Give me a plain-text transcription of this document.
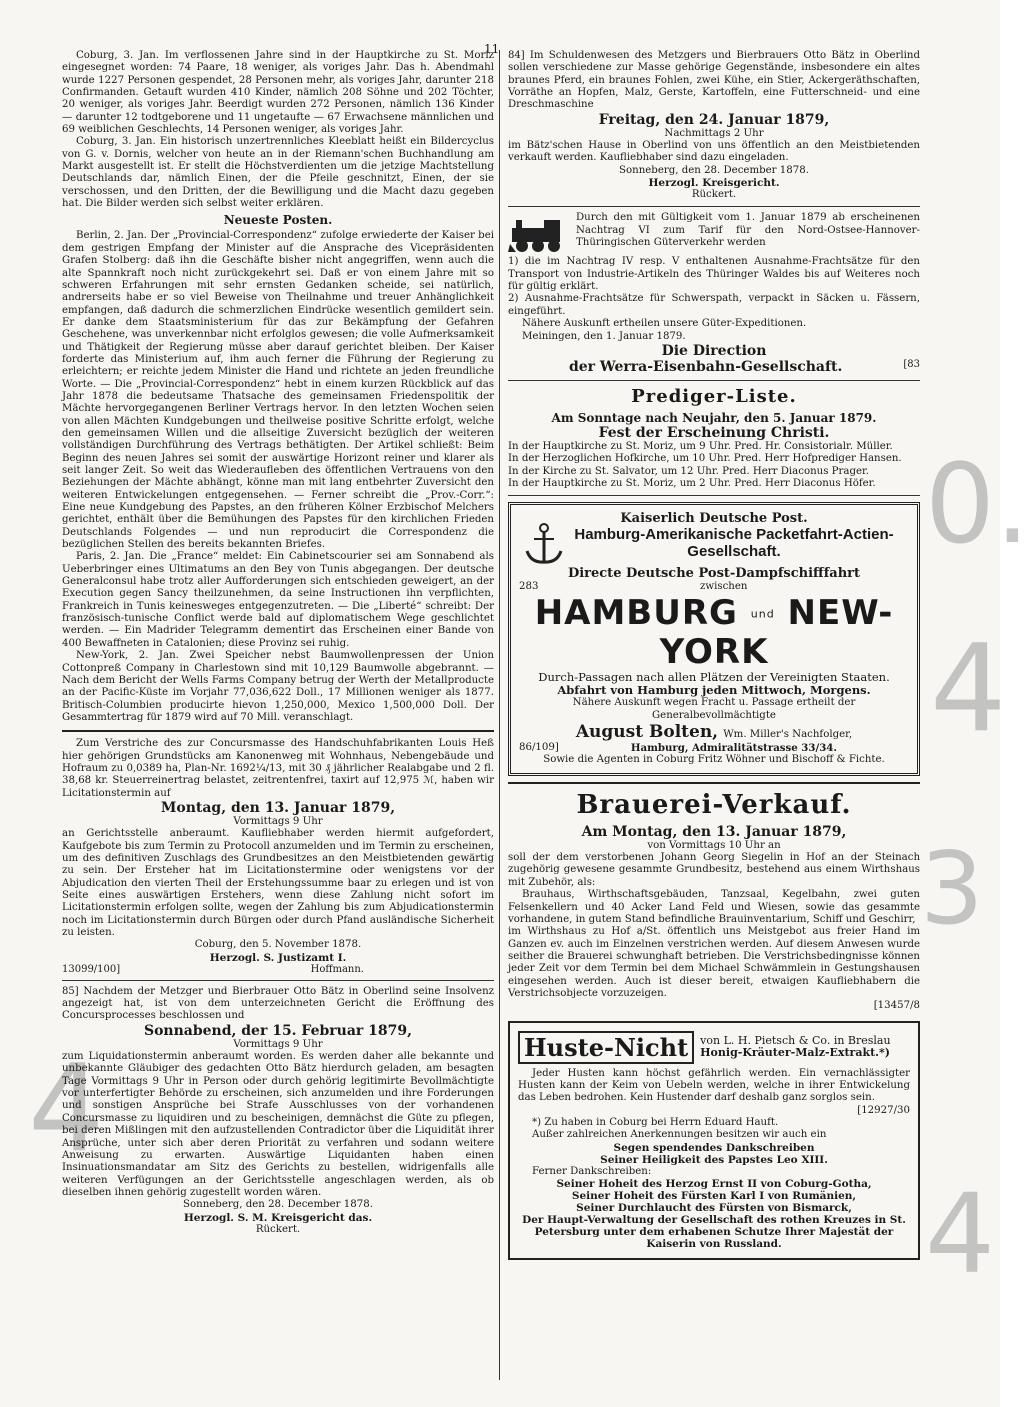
11
4
0.
4
3
4

Coburg, 3. Jan. Im verflossenen Jahre sind in der Hauptkirche zu St. Moriz eingesegnet worden: 74 Paare, 18 weniger, als voriges Jahr. Das h. Abendmahl wurde 1227 Personen gespendet, 28 Personen mehr, als voriges Jahr, darunter 218 Confirmanden. Getauft wurden 410 Kinder, nämlich 208 Söhne und 202 Töchter, 20 weniger, als voriges Jahr. Beerdigt wurden 272 Personen, nämlich 136 Kinder — darunter 12 todtgeborene und 11 ungetaufte — 67 Erwachsene männlichen und 69 weiblichen Geschlechts, 14 Personen weniger, als voriges Jahr.

Coburg, 3. Jan. Ein historisch unzertrennliches Kleeblatt heißt ein Bildercyclus von G. v. Dornis, welcher von heute an in der Riemann'schen Buchhandlung am Markt ausgestellt ist. Er stellt die Höchstverdienten um die jetzige Machtstellung Deutschlands dar, nämlich Einen, der die Pfeile geschnitzt, Einen, der sie verschossen, und den Dritten, der die Bewilligung und die Macht dazu gegeben hat. Die Bilder werden sich selbst weiter erklären.

Neueste Posten.

Berlin, 2. Jan. Der „Provincial-Correspondenz“ zufolge erwiederte der Kaiser bei dem gestrigen Empfang der Minister auf die Ansprache des Vicepräsidenten Grafen Stolberg: daß ihn die Geschäfte bisher nicht angegriffen, wenn auch die alte Spannkraft noch nicht zurückgekehrt sei. Daß er von einem Jahre mit so schweren Erfahrungen mit sehr ernsten Gedanken scheide, sei natürlich, andrerseits habe er so viel Beweise von Theilnahme und treuer Anhänglichkeit empfangen, daß dadurch die schmerzlichen Eindrücke wesentlich gemildert sein. Er danke dem Staatsministerium für das zur Bekämpfung der Gefahren Geschehene, was unverkennbar nicht erfolglos gewesen; die volle Aufmerksamkeit und Thätigkeit der Regierung müsse aber darauf gerichtet bleiben. Der Kaiser forderte das Ministerium auf, ihm auch ferner die Führung der Regierung zu erleichtern; er reichte jedem Minister die Hand und richtete an jeden freundliche Worte. — Die „Provincial-Correspondenz“ hebt in einem kurzen Rückblick auf das Jahr 1878 die bedeutsame Thatsache des gemeinsamen Friedenspolitik der Mächte hervorgegangenen Berliner Vertrags hervor. In den letzten Wochen seien von allen Mächten Kundgebungen und theilweise positive Schritte erfolgt, welche den gemeinsamen Willen und die allseitige Zuversicht bezüglich der weiteren vollständigen Durchführung des Vertrags bethätigten. Der Artikel schließt: Beim Beginn des neuen Jahres sei somit der auswärtige Horizont reiner und klarer als seit langer Zeit. So weit das Wiederaufleben des öffentlichen Vertrauens von den Beziehungen der Mächte abhängt, könne man mit lang entbehrter Zuversicht den weiteren Entwickelungen entgegensehen. — Ferner schreibt die „Prov.-Corr.“: Eine neue Kundgebung des Papstes, an den früheren Kölner Erzbischof Melchers gerichtet, enthält über die Bemühungen des Papstes für den kirchlichen Frieden Deutschlands Folgendes — und nun reproducirt die Correspondenz die bezüglichen Stellen des bereits bekannten Briefes.

Paris, 2. Jan. Die „France“ meldet: Ein Cabinetscourier sei am Sonnabend als Ueberbringer eines Ultimatums an den Bey von Tunis abgegangen. Der deutsche Generalconsul habe trotz aller Aufforderungen sich entschieden geweigert, an der Execution gegen Sancy theilzunehmen, da seine Instructionen ihn verpflichten, Frankreich in Tunis keinesweges entgegenzutreten. — Die „Liberté“ schreibt: Der französisch-tunische Conflict werde bald auf diplomatischem Wege geschlichtet werden. — Ein Madrider Telegramm dementirt das Erscheinen einer Bande von 400 Bewaffneten in Catalonien; diese Provinz sei ruhig.

New-York, 2. Jan. Zwei Speicher nebst Baumwollenpressen der Union Cottonpreß Company in Charlestown sind mit 10,129 Baumwolle abgebrannt. — Nach dem Bericht der Wells Farms Company betrug der Werth der Metallproducte an der Pacific-Küste im Vorjahr 77,036,622 Doll., 17 Millionen weniger als 1877. Britisch-Columbien producirte hievon 1,250,000, Mexico 1,500,000 Doll. Der Gesammtertrag für 1879 wird auf 70 Mill. veranschlagt.

Zum Verstriche des zur Concursmasse des Handschuhfabrikanten Louis Heß hier gehörigen Grundstücks am Kanonenweg mit Wohnhaus, Nebengebäude und Hofraum zu 0,0389 ha, Plan-Nr. 1692¼/13, mit 30 ₰ jährlicher Realabgabe und 2 fl. 38,68 kr. Steuerreinertrag belastet, zeitrentenfrei, taxirt auf 12,975 ℳ, haben wir Licitationstermin auf

Montag, den 13. Januar 1879,

Vormittags 9 Uhr

an Gerichtsstelle anberaumt. Kaufliebhaber werden hiermit aufgefordert, Kaufgebote bis zum Termin zu Protocoll anzumelden und im Termin zu erscheinen, um des definitiven Zuschlags des Grundbesitzes an den Meistbietenden gewärtig zu sein. Der Ersteher hat im Licitationstermine oder wenigstens vor der Abjudication den vierten Theil der Erstehungssumme baar zu erlegen und ist von Seite eines auswärtigen Erstehers, wenn diese Zahlung nicht sofort im Licitationstermin erfolgen sollte, wegen der Zahlung bis zum Abjudicationstermin noch im Licitationstermin durch Bürgen oder durch Pfand ausländische Sicherheit zu leisten.

Coburg, den 5. November 1878.

Herzogl. S. Justizamt I.

13099/100]	Hoffmann.

85] Nachdem der Metzger und Bierbrauer Otto Bätz in Oberlind seine Insolvenz angezeigt hat, ist von dem unterzeichneten Gericht die Eröffnung des Concursprocesses beschlossen und

Sonnabend, der 15. Februar 1879,

Vormittags 9 Uhr

zum Liquidationstermin anberaumt worden. Es werden daher alle bekannte und unbekannte Gläubiger des gedachten Otto Bätz hierdurch geladen, am besagten Tage Vormittags 9 Uhr in Person oder durch gehörig legitimirte Bevollmächtigte vor unterfertigter Behörde zu erscheinen, sich anzumelden und ihre Forderungen und sonstigen Ansprüche bei Strafe Ausschlusses von der vorhandenen Concursmasse zu liquidiren und zu bescheinigen, demnächst die Güte zu pflegen, bei deren Mißlingen mit den aufzustellenden Contradictor über die Liquidität ihrer Ansprüche, unter sich aber deren Priorität zu verfahren und sodann weitere Anweisung zu erwarten. Auswärtige Liquidanten haben einen Insinuationsmandatar am Sitz des Gerichts zu bestellen, widrigenfalls alle weiteren Verfügungen an der Gerichtsstelle angeschlagen werden, als ob dieselben ihnen gehörig zugestellt worden wären.

Sonneberg, den 28. December 1878.

Herzogl. S. M. Kreisgericht das.

Rückert.

84] Im Schuldenwesen des Metzgers und Bierbrauers Otto Bätz in Oberlind sollen verschiedene zur Masse gehörige Gegenstände, insbesondere ein altes braunes Pferd, ein braunes Fohlen, zwei Kühe, ein Stier, Ackergeräthschaften, Vorräthe an Hopfen, Malz, Gerste, Kartoffeln, eine Futterschneid- und eine Dreschmaschine

Freitag, den 24. Januar 1879,

Nachmittags 2 Uhr

im Bätz'schen Hause in Oberlind von uns öffentlich an den Meistbietenden verkauft werden. Kaufliebhaber sind dazu eingeladen.

Sonneberg, den 28. December 1878.

Herzogl. Kreisgericht.

Rückert.

Durch den mit Gültigkeit vom 1. Januar 1879 ab erscheinenen Nachtrag VI zum Tarif für den Nord-Ostsee-Hannover-Thüringischen Güterverkehr werden

1) die im Nachtrag IV resp. V enthaltenen Ausnahme-Frachtsätze für den Transport von Industrie-Artikeln des Thüringer Waldes bis auf Weiteres noch für gültig erklärt.

2) Ausnahme-Frachtsätze für Schwerspath, verpackt in Säcken u. Fässern, eingeführt.

Nähere Auskunft ertheilen unsere Güter-Expeditionen.

Meiningen, den 1. Januar 1879.

Die Direction

der Werra-Eisenbahn-Gesellschaft.	[83

Prediger-Liste.

Am Sonntage nach Neujahr, den 5. Januar 1879.

Fest der Erscheinung Christi.

In der Hauptkirche zu St. Moriz, um 9 Uhr. Pred. Hr. Consistorialr. Müller.

In der Herzoglichen Hofkirche, um 10 Uhr. Pred. Herr Hofprediger Hansen.

In der Kirche zu St. Salvator, um 12 Uhr. Pred. Herr Diaconus Prager.

In der Hauptkirche zu St. Moriz, um 2 Uhr. Pred. Herr Diaconus Höfer.

Kaiserlich Deutsche Post.

Hamburg-Amerikanische Packetfahrt-Actien-Gesellschaft.

Directe Deutsche Post-Dampfschifffahrt

283	zwischen
HAMBURG und NEW-YORK

Durch-Passagen nach allen Plätzen der Vereinigten Staaten.

Abfahrt von Hamburg jeden Mittwoch, Morgens.

Nähere Auskunft wegen Fracht u. Passage ertheilt der Generalbevollmächtigte

August Bolten, Wm. Miller's Nachfolger,

86/109]	Hamburg, Admiralitätstrasse 33/34.

Sowie die Agenten in Coburg Fritz Wöhner und Bischoff & Fichte.

Brauerei-Verkauf.

Am Montag, den 13. Januar 1879,

von Vormittags 10 Uhr an

soll der dem verstorbenen Johann Georg Siegelin in Hof an der Steinach zugehörig gewesene gesammte Grundbesitz, bestehend aus einem Wirthshaus mit Zubehör, als:

Brauhaus, Wirthschaftsgebäuden, Tanzsaal, Kegelbahn, zwei guten Felsenkellern und 40 Acker Land Feld und Wiesen, sowie das gesammte vorhandene, in gutem Stand befindliche Brauinventarium, Schiff und Geschirr,

im Wirthshaus zu Hof a/St. öffentlich uns Meistgebot aus freier Hand im Ganzen ev. auch im Einzelnen verstrichen werden. Auf diesem Anwesen wurde seither die Brauerei schwunghaft betrieben. Die Verstrichsbedingnisse können jeder Zeit vor dem Termin bei dem Michael Schwämmlein in Gestungshausen eingesehen werden. Auch ist dieser bereit, etwaigen Kaufliebhabern die Verstrichsobjecte vorzuzeigen.

[13457/8

Huste-Nicht	von L. H. Pietsch & Co. in Breslau
Honig-Kräuter-Malz-Extrakt.*)

Jeder Husten kann höchst gefährlich werden. Ein vernachlässigter Husten kann der Keim von Uebeln werden, welche in ihrer Entwickelung das Leben bedrohen. Kein Hustender darf deshalb ganz sorglos sein.

[12927/30

*) Zu haben in Coburg bei Herrn Eduard Hauft.

Außer zahlreichen Anerkennungen besitzen wir auch ein

Segen spendendes Dankschreiben

Seiner Heiligkeit des Papstes Leo XIII.

Ferner Dankschreiben:

Seiner Hoheit des Herzog Ernst II von Coburg-Gotha,

Seiner Hoheit des Fürsten Karl I von Rumänien,

Seiner Durchlaucht des Fürsten von Bismarck,

Der Haupt-Verwaltung der Gesellschaft des rothen Kreuzes in St. Petersburg unter dem erhabenen Schutze Ihrer Majestät der Kaiserin von Russland.
